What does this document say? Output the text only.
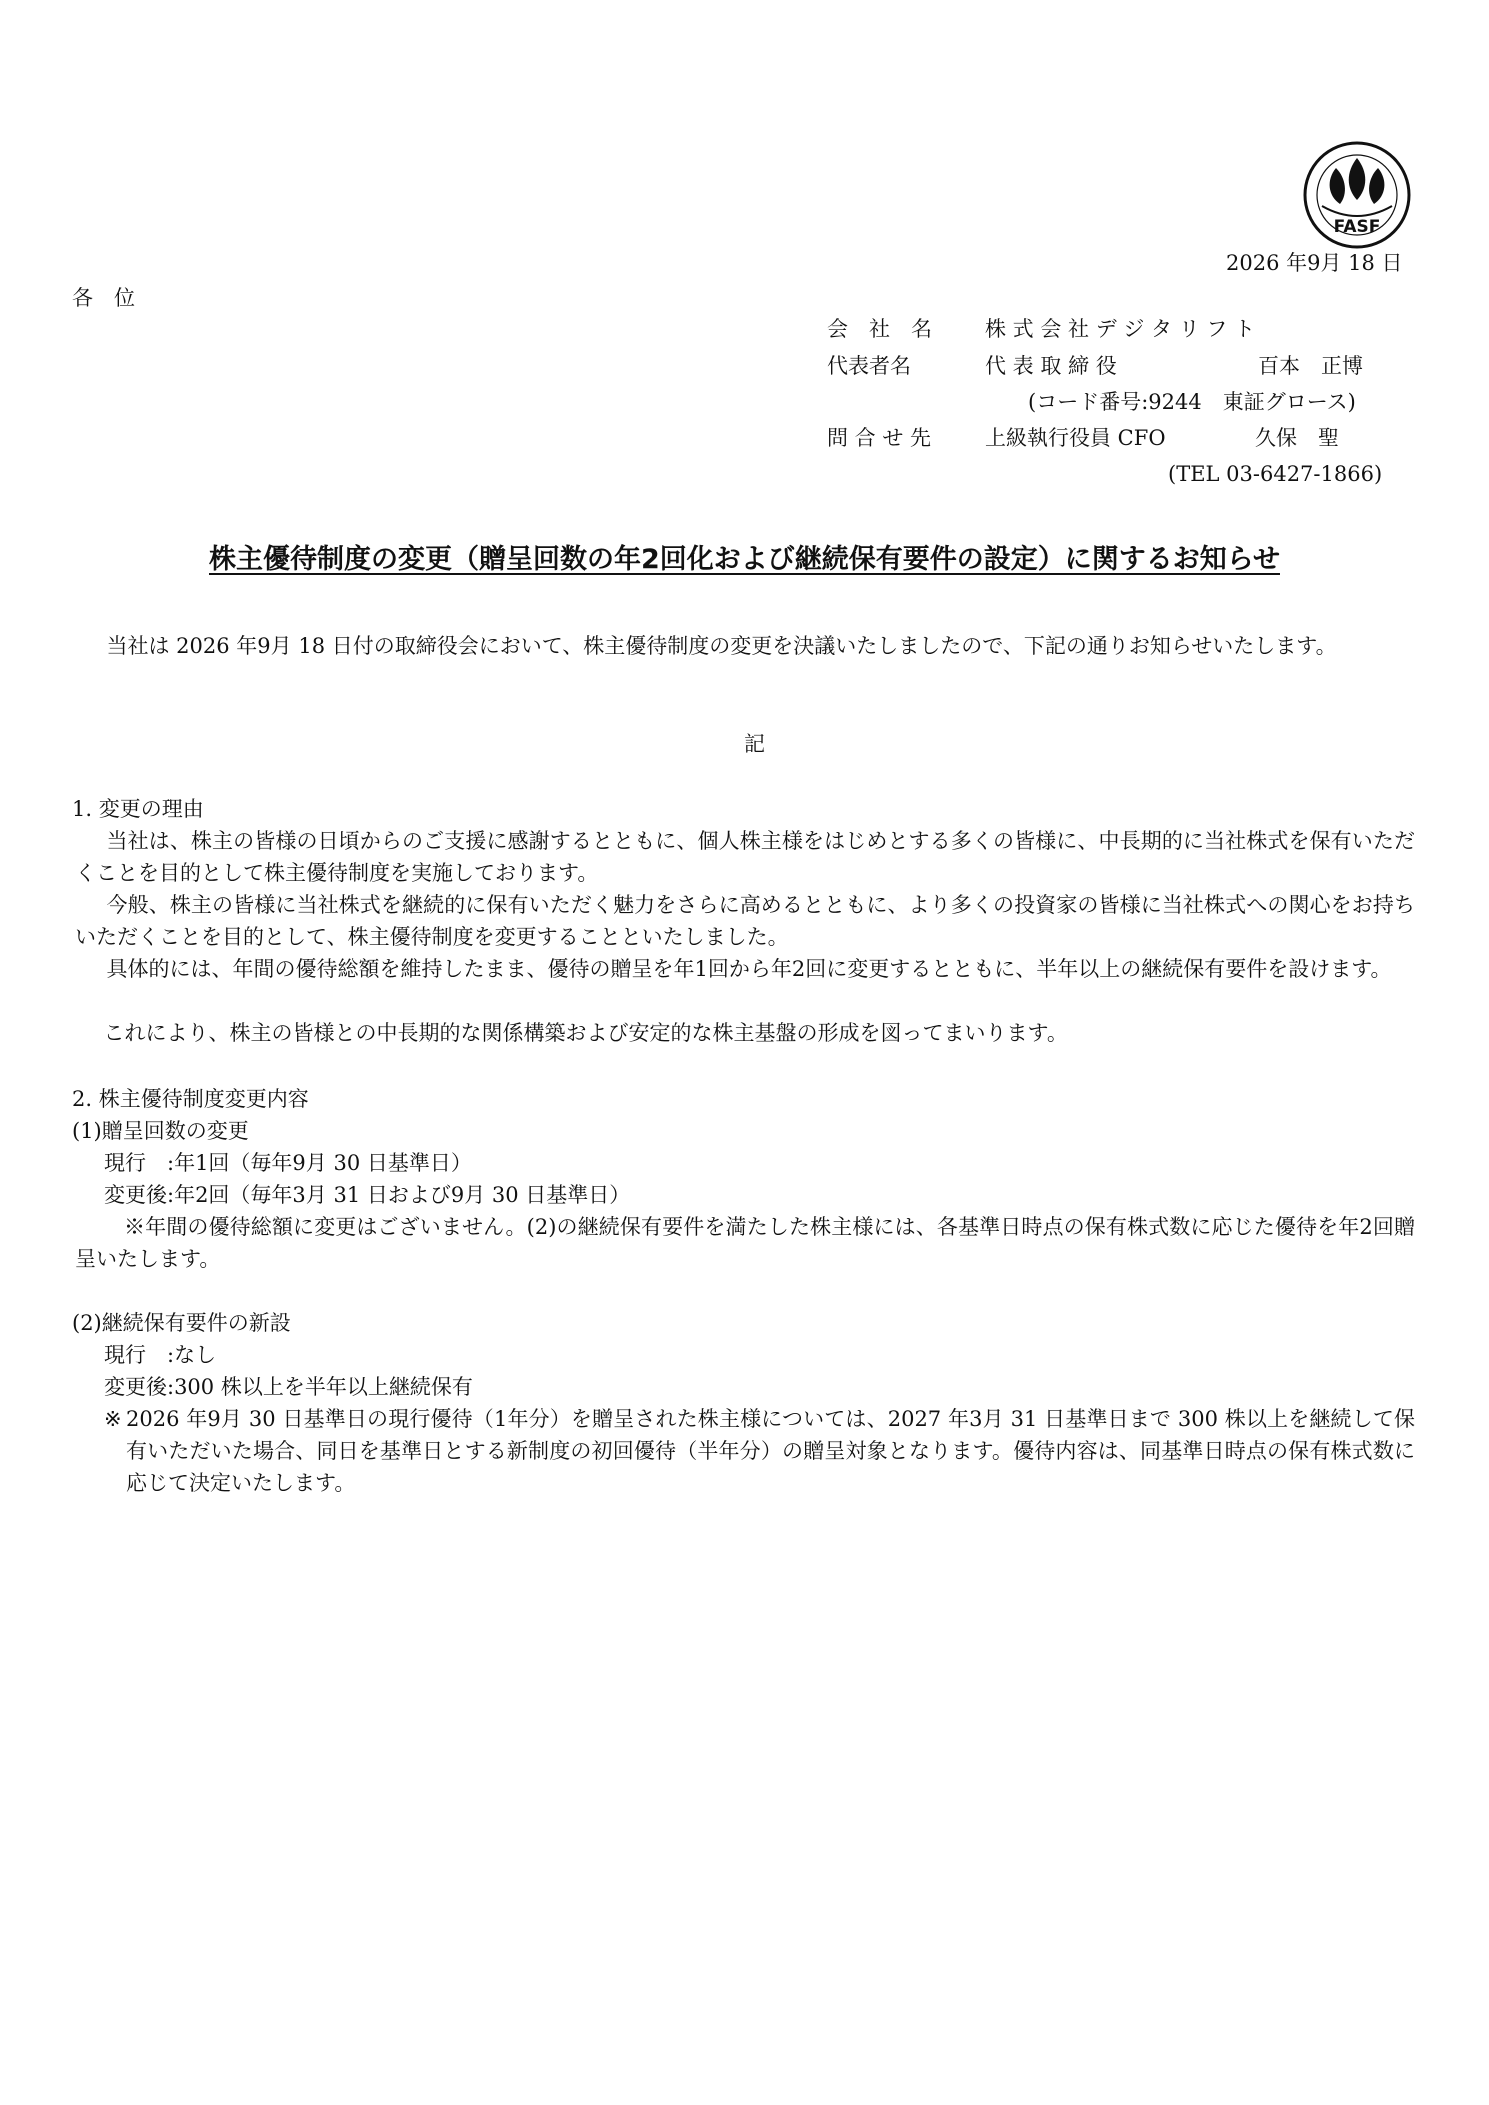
FASF
2026 年9月 18 日
各　位
会　社　名	株 式 会 社 デ ジ タ リ フ ト
代表者名	代 表 取 締 役	百本　正博
(コード番号:9244　東証グロース)
問 合 せ 先	上級執行役員 CFO	久保　聖
(TEL 03-6427-1866)
株主優待制度の変更（贈呈回数の年2回化および継続保有要件の設定）に関するお知らせ
当社は 2026 年9月 18 日付の取締役会において、株主優待制度の変更を決議いたしましたので、下記の通りお知らせいたします。
記
1. 変更の理由
当社は、株主の皆様の日頃からのご支援に感謝するとともに、個人株主様をはじめとする多くの皆様に、中長期的に当社株式を保有いただくことを目的として株主優待制度を実施しております。
今般、株主の皆様に当社株式を継続的に保有いただく魅力をさらに高めるとともに、より多くの投資家の皆様に当社株式への関心をお持ちいただくことを目的として、株主優待制度を変更することといたしました。
具体的には、年間の優待総額を維持したまま、優待の贈呈を年1回から年2回に変更するとともに、半年以上の継続保有要件を設けます。
これにより、株主の皆様との中長期的な関係構築および安定的な株主基盤の形成を図ってまいります。
2. 株主優待制度変更内容
(1)贈呈回数の変更
現行　:年1回（毎年9月 30 日基準日）
変更後:年2回（毎年3月 31 日および9月 30 日基準日）
※年間の優待総額に変更はございません。(2)の継続保有要件を満たした株主様には、各基準日時点の保有株式数に応じた優待を年2回贈呈いたします。
(2)継続保有要件の新設
現行　:なし
変更後:300 株以上を半年以上継続保有
※ 2026 年9月 30 日基準日の現行優待（1年分）を贈呈された株主様については、2027 年3月 31 日基準日まで 300 株以上を継続して保有いただいた場合、同日を基準日とする新制度の初回優待（半年分）の贈呈対象となります。優待内容は、同基準日時点の保有株式数に応じて決定いたします。
